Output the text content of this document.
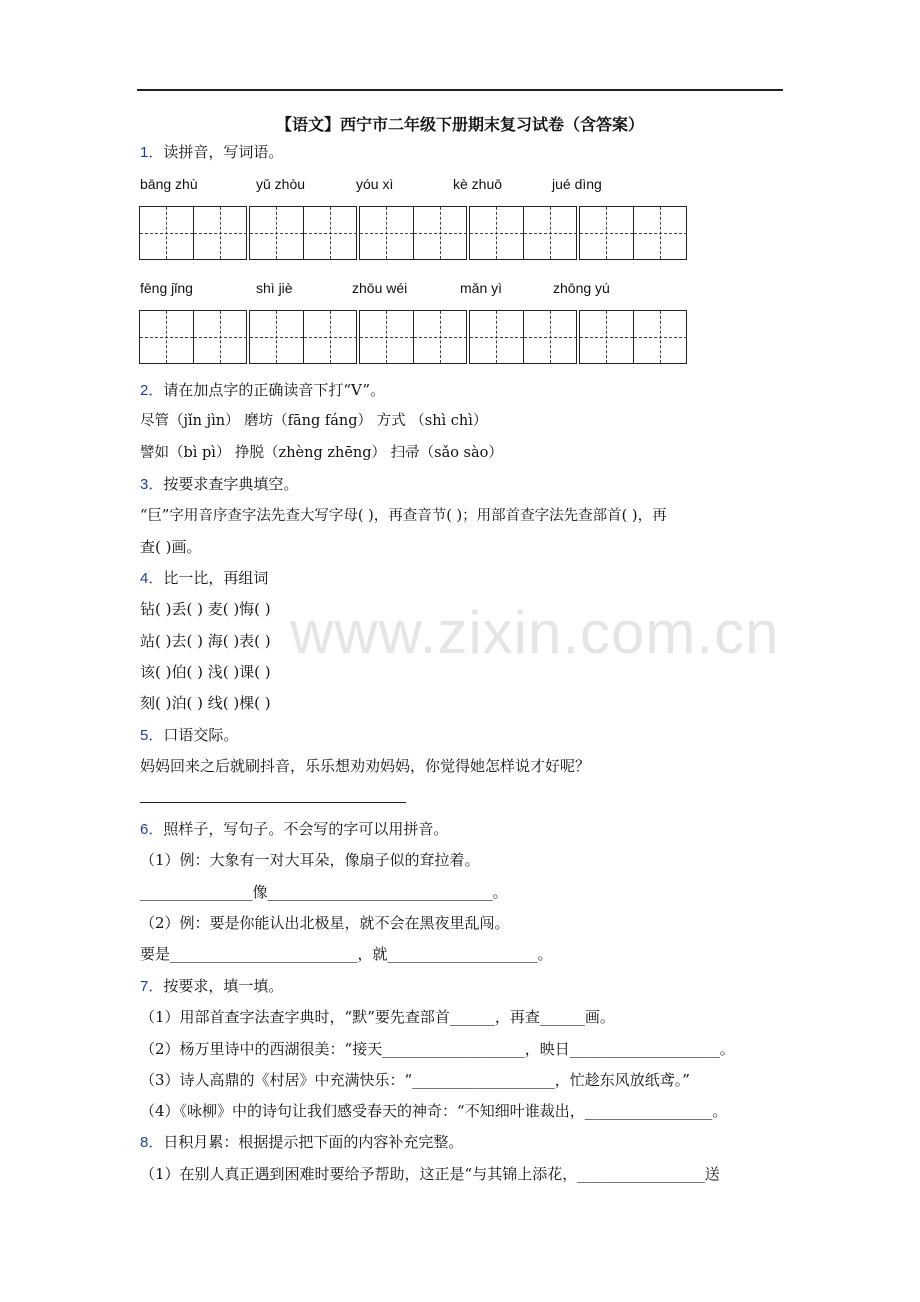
www.zixin.com.cn
【语文】西宁市二年级下册期末复习试卷（含答案）
1．读拼音，写词语。
bāng zhù	yǔ zhòu	yóu xì	kè zhuō	jué dìng
fēng jǐng	shì jiè	zhōu wéi	mǎn yì	zhōng yú
2．请在加点字的正确读音下打“V”。
尽管（jǐn jìn） 磨坊（fāng fáng） 方式 （shì chì）
譬如（bì pì） 挣脱（zhèng zhēng） 扫帚（sǎo sào）
3．按要求查字典填空。
“巨”字用音序查字法先查大写字母( )，再查音节( )；用部首查字法先查部首( )，再
查( )画。
4．比一比，再组词
钻( )丢( ) 麦( )悔( )
站( )去( ) 海( )表( )
该( )伯( ) 浅( )课( )
刻( )泊( ) 线( )棵( )
5．口语交际。
妈妈回来之后就刷抖音，乐乐想劝劝妈妈，你觉得她怎样说才好呢？
6．照样子，写句子。不会写的字可以用拼音。
（1）例：大象有一对大耳朵，像扇子似的耷拉着。
_______________像______________________________。
（2）例：要是你能认出北极星，就不会在黑夜里乱闯。
要是_________________________，就____________________。
7．按要求，填一填。
（1）用部首查字法查字典时，“默”要先查部首______，再查______画。
（2）杨万里诗中的西湖很美：“接天___________________，映日____________________。
（3）诗人高鼎的《村居》中充满快乐：“___________________，忙趁东风放纸鸢。”
（4）《咏柳》中的诗句让我们感受春天的神奇：“不知细叶谁裁出，_________________。
8．日积月累：根据提示把下面的内容补充完整。
（1）在别人真正遇到困难时要给予帮助，这正是“与其锦上添花，_________________送
